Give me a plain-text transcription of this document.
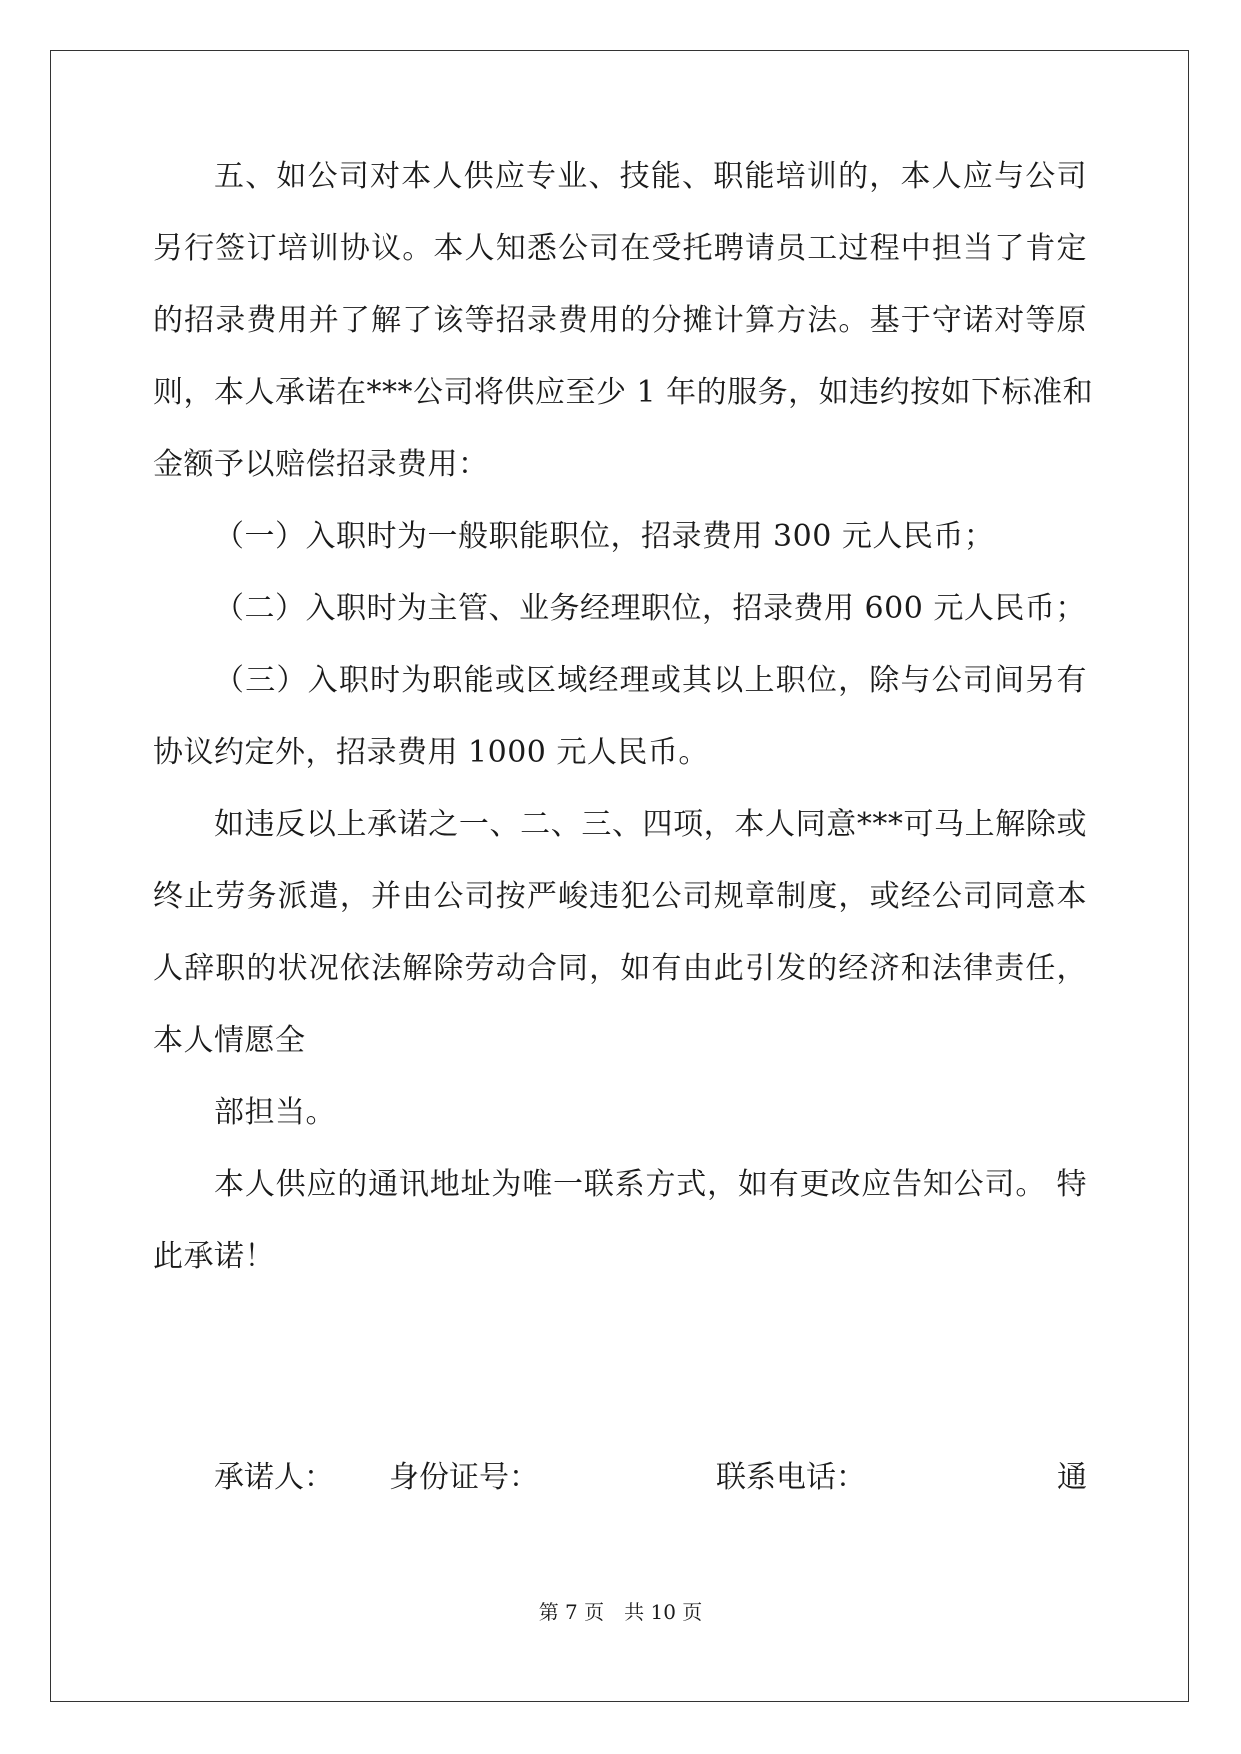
五、如公司对本人供应专业、技能、职能培训的，本人应与公司

另行签订培训协议。本人知悉公司在受托聘请员工过程中担当了肯定

的招录费用并了解了该等招录费用的分摊计算方法。基于守诺对等原

则，本人承诺在***公司将供应至少 1 年的服务，如违约按如下标准和

金额予以赔偿招录费用：

（一）入职时为一般职能职位，招录费用 300 元人民币；

（二）入职时为主管、业务经理职位，招录费用 600 元人民币；

（三）入职时为职能或区域经理或其以上职位，除与公司间另有

协议约定外，招录费用 1000 元人民币。

如违反以上承诺之一、二、三、四项，本人同意***可马上解除或

终止劳务派遣，并由公司按严峻违犯公司规章制度，或经公司同意本

人辞职的状况依法解除劳动合同，如有由此引发的经济和法律责任，

本人情愿全

部担当。

本人供应的通讯地址为唯一联系方式，如有更改应告知公司。 特

此承诺！

承诺人： 身份证号：	联系电话：	通
第 7 页　共 10 页
